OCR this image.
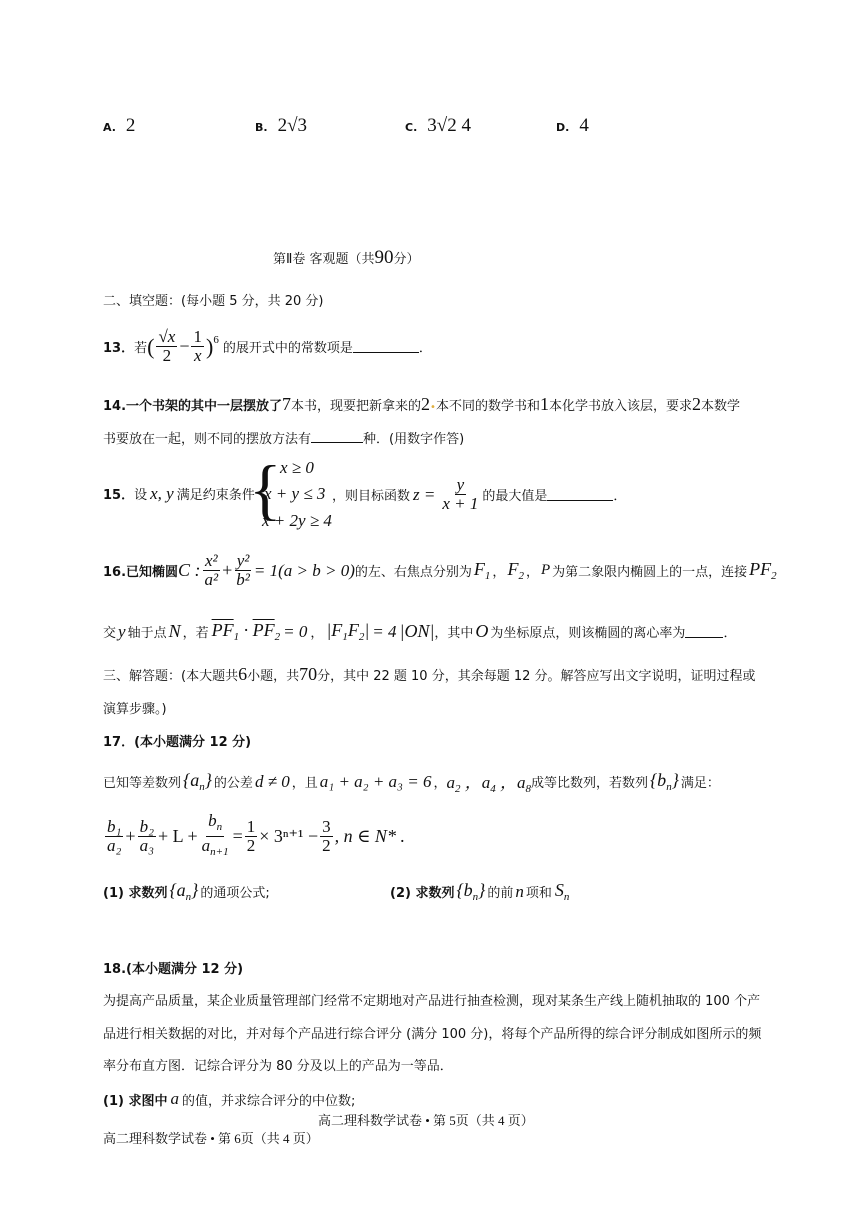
A. 2	B. 2√3	C. 3√2 4	D. 4
第Ⅱ卷 客观题（共90分）
二、填空题：(每小题 5 分，共 20 分)
13． 若 ( $\frac{√x}{2} - \frac{1}{x}$ ) 6
的展开式中的常数项是	．
14.一个书架的其中一层摆放了7本书，现要把新拿来的2•本不同的数学书和1本化学书放入该层，要求2本数学
书要放在一起，则不同的摆放方法有	种．(用数字作答)
15．设 x, y 满足约束条件
{
x ≥ 0
x + y ≤ 3
x + 2y ≥ 4
，则目标函数 $z = \frac{y}{x + 1}$ 的最大值是	．
16.已知椭圆 C : $\frac{\text{x²}}{\text{a²}} + \frac{\text{y²}}{\text{b²}} = 1(a > b > 0)$ 的左、右焦点分别为 $F_1$ ， $F_2$ ， P 为第二象限内椭圆上的一点，连接 $PF_2$
交 y 轴于点 N ，若 $\overline{PF}_1 \cdot \overline{PF}_2 = 0$ ， $|F_1F_2| = 4$ |ON| ，其中 O 为坐标原点，则该椭圆的离心率为	．
三、解答题：(本大题共6小题，共70分，其中 22 题 10 分，其余每题 12 分。解答应写出文字说明，证明过程或
演算步骤。)
17．(本小题满分 12 分)
已知等差数列 $\{a_n\}$ 的公差 d ≠ 0 ，且 a₁ + a₂ + a₃ = 6 ， $a_2$ ，$a_4$ ，$a_8$ 成等比数列，若数列 $\{b_n\}$ 满足：
$\frac{\text{b₁}}{\text{a₂}} + \frac{\text{b₂}}{\text{a₃}} + L + \frac{b_n}{a_{n+1}} = \frac{1}{2} \times 3^{n+1} - \frac{3}{2}$ , n ∈ N* .
(1) 求数列 $\{a_n\}$ 的通项公式;	(2) 求数列 $\{b_n\}$ 的前 n 项和 $S_n$
18.(本小题满分 12 分)
为提高产品质量，某企业质量管理部门经常不定期地对产品进行抽查检测，现对某条生产线上随机抽取的 100 个产
品进行相关数据的对比，并对每个产品进行综合评分 (满分 100 分)，将每个产品所得的综合评分制成如图所示的频
率分布直方图．记综合评分为 80 分及以上的产品为一等品．
(1) 求图中 a 的值，并求综合评分的中位数;
高二理科数学试卷 • 第 5页（共 4 页）
高二理科数学试卷 • 第 6页（共 4 页）
